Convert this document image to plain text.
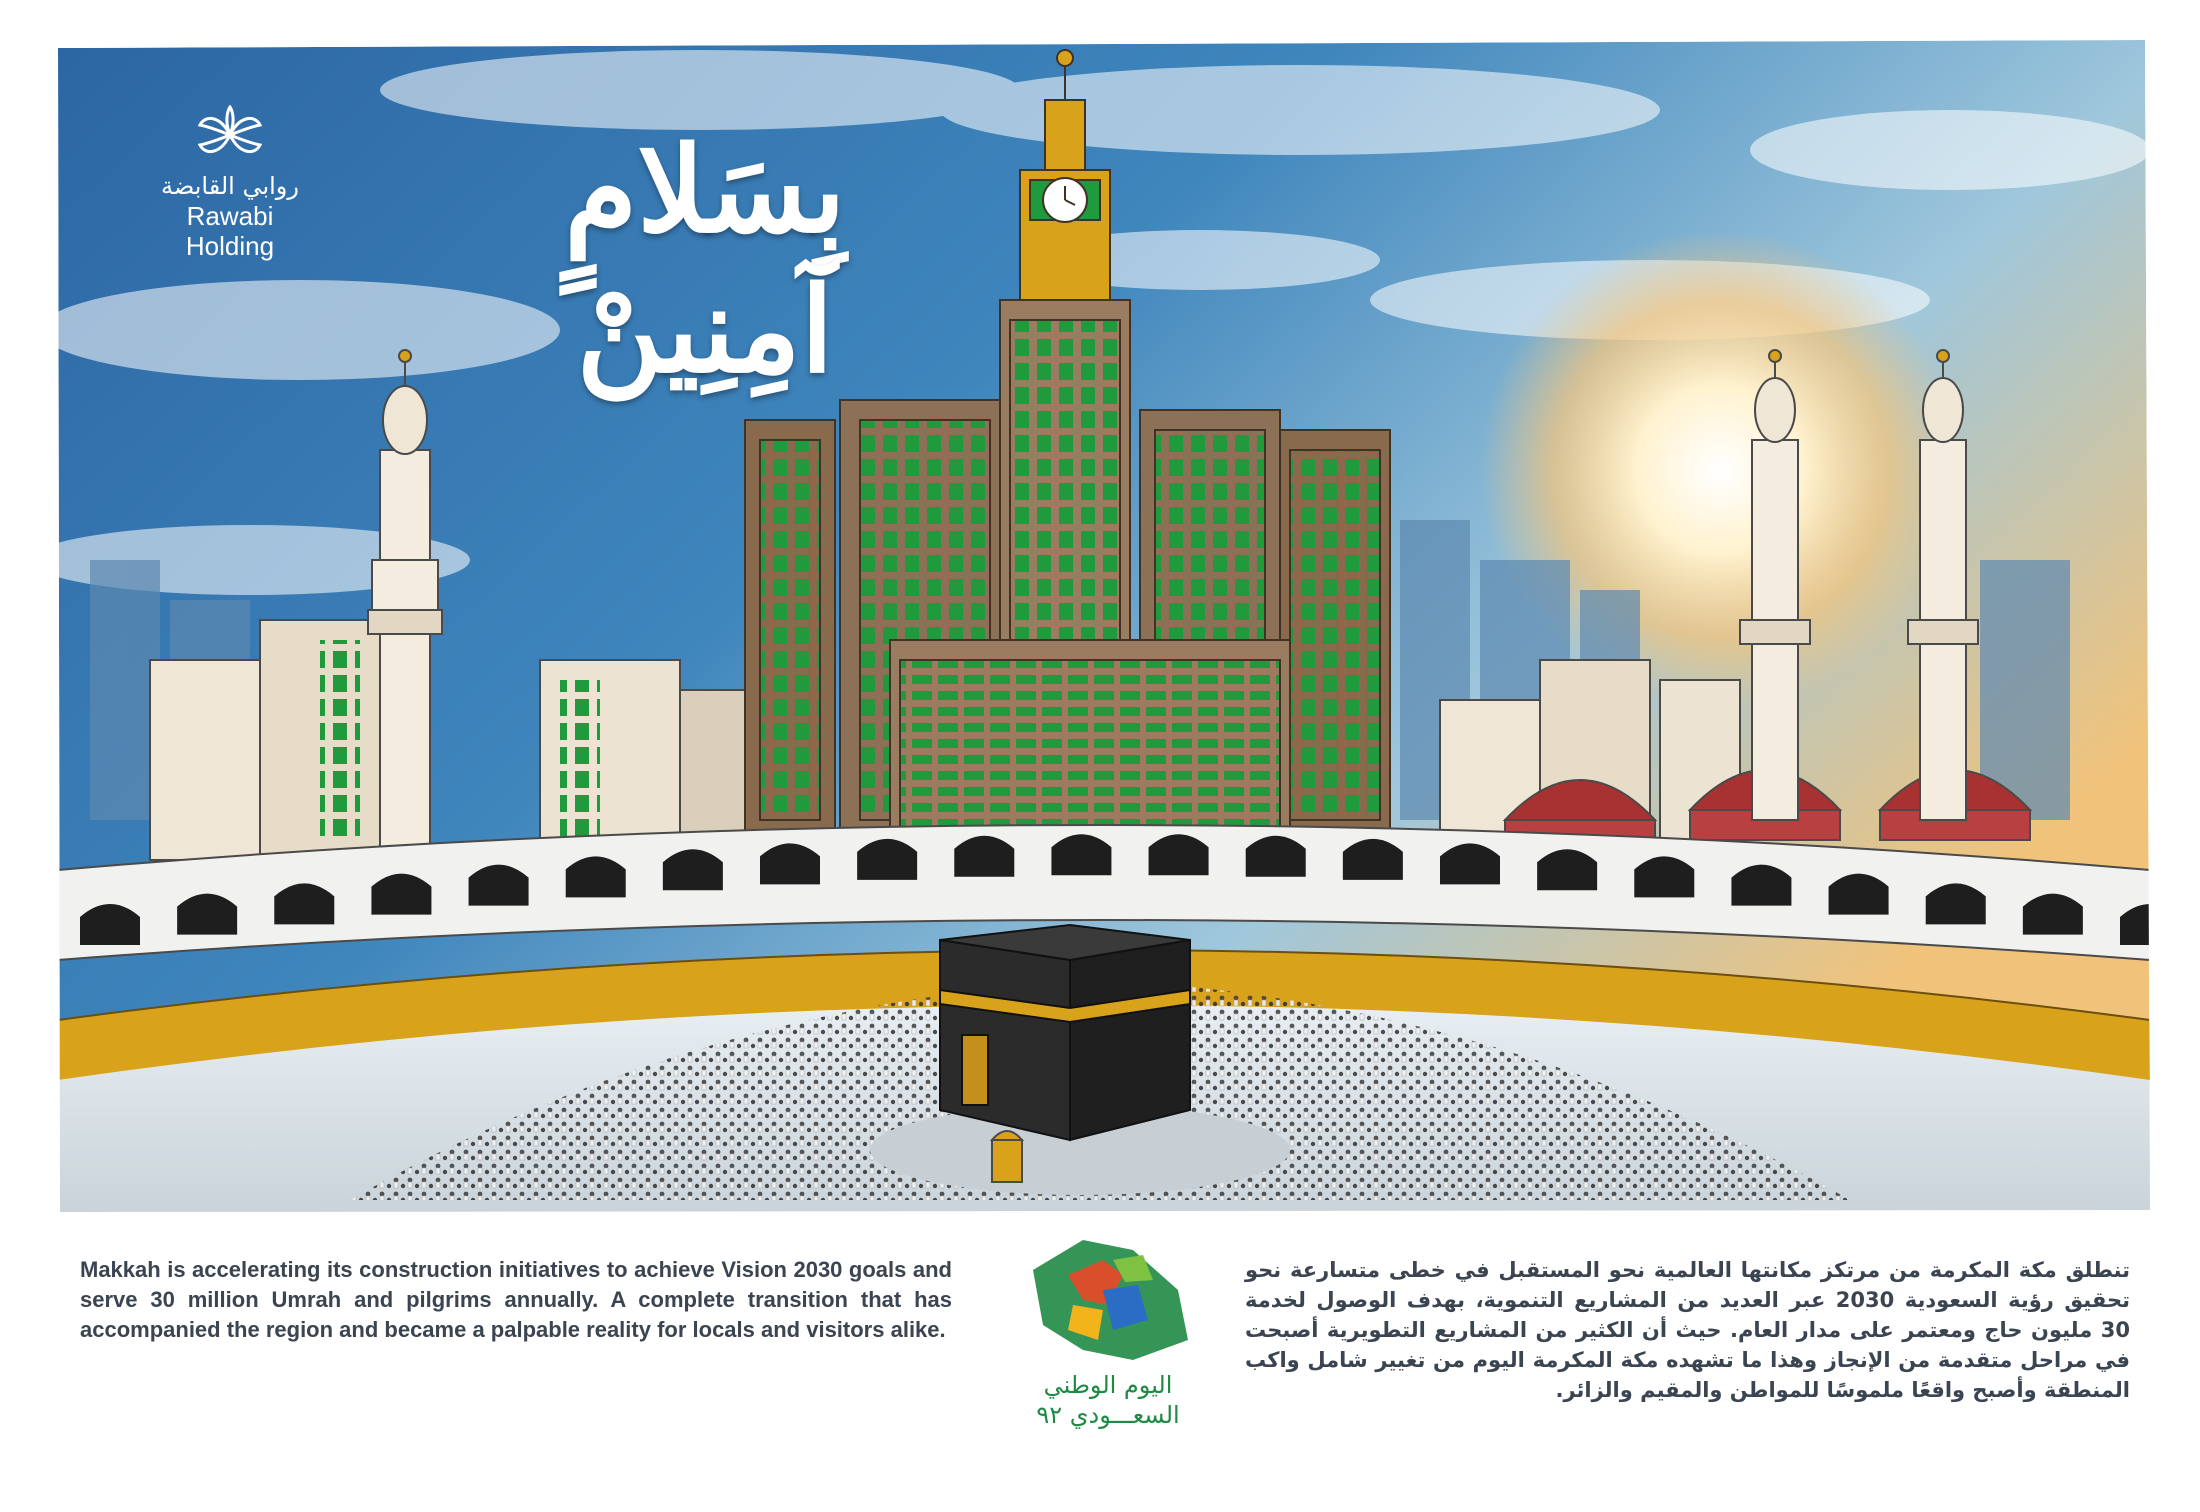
روابي القابضة
Rawabi Holding	بِسَلامٍ
آمِنِينْ
Makkah is accelerating its construction initiatives to achieve Vision 2030 goals and serve 30 million Umrah and pilgrims annually. A complete transition that has accompanied the region and became a palpable reality for locals and visitors alike.
اليوم الوطني
السعـــودي ٩٢
تنطلق مكة المكرمة من مرتكز مكانتها العالمية نحو المستقبل في خطى متسارعة نحو تحقيق رؤية السعودية 2030 عبر العديد من المشاريع التنموية، بهدف الوصول لخدمة 30 مليون حاج ومعتمر على مدار العام. حيث أن الكثير من المشاريع التطويرية أصبحت في مراحل متقدمة من الإنجاز وهذا ما تشهده مكة المكرمة اليوم من تغيير شامل واكب المنطقة وأصبح واقعًا ملموسًا للمواطن والمقيم والزائر.
